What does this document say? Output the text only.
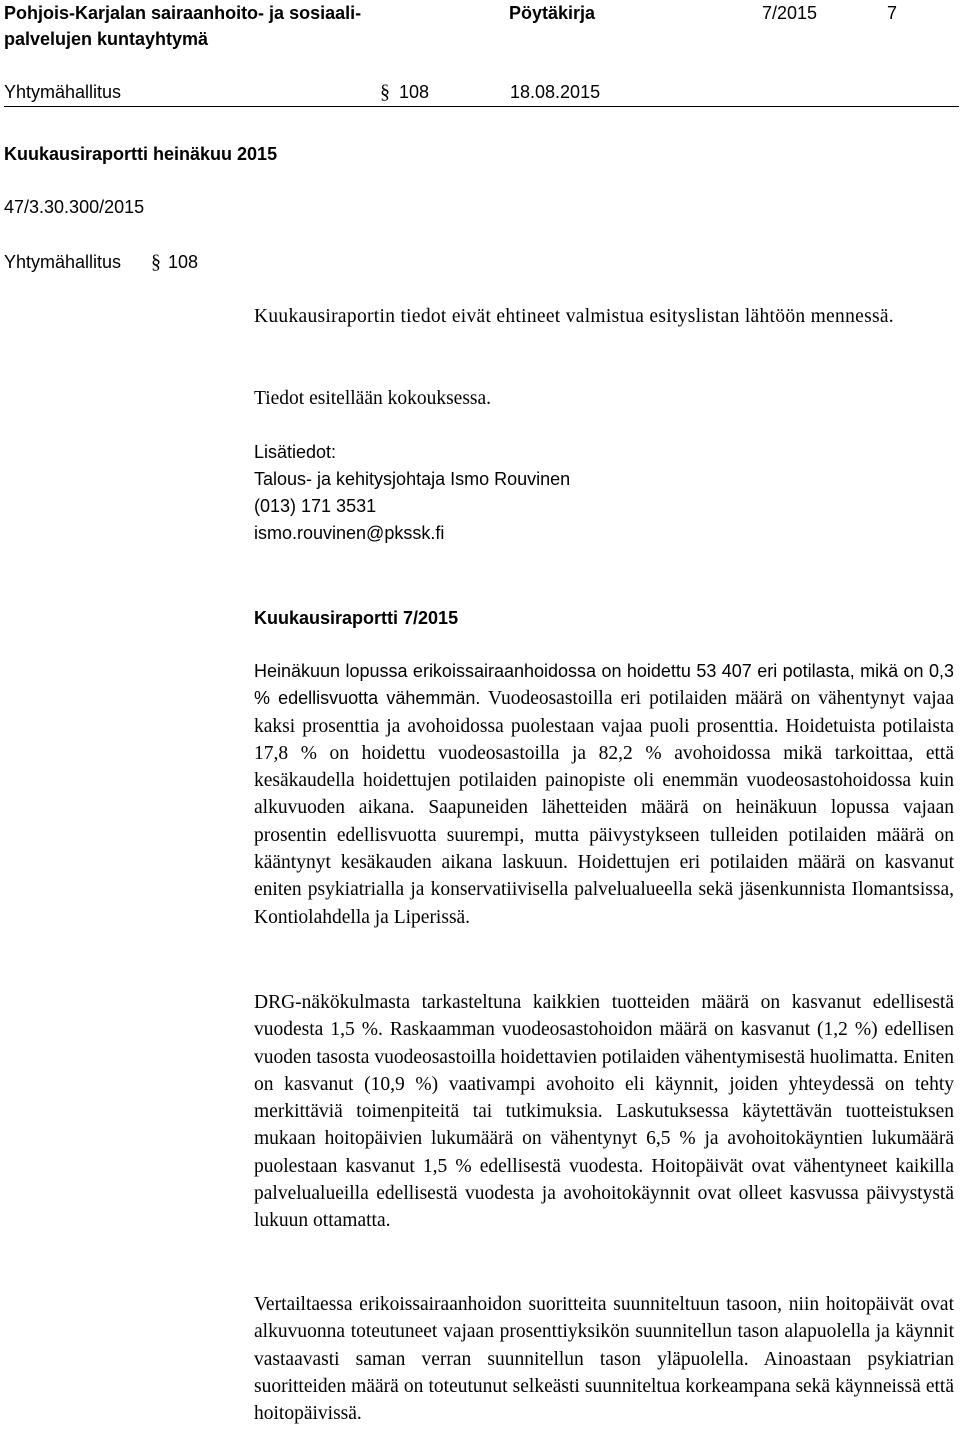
Pohjois-Karjalan sairaanhoito- ja sosiaali-
palvelujen kuntayhtymä
Pöytäkirja	7/2015	7
Yhtymähallitus	§ 108	18.08.2015
Kuukausiraportti heinäkuu 2015
47/3.30.300/2015
Yhtymähallitus § 108
Kuukausiraportin tiedot eivät ehtineet valmistua esityslistan lähtöön mennessä.
Tiedot esitellään kokouksessa.
Lisätiedot:
Talous- ja kehitysjohtaja Ismo Rouvinen
(013) 171 3531
ismo.rouvinen@pkssk.fi
Kuukausiraportti 7/2015
Heinäkuun lopussa erikoissairaanhoidossa on hoidettu 53 407 eri potilasta, mikä on 0,3 % edellisvuotta vähemmän. Vuodeosastoilla eri potilaiden määrä on vähentynyt vajaa kaksi prosenttia ja avohoidossa puolestaan vajaa puoli prosenttia. Hoidetuista potilaista 17,8 % on hoidettu vuodeosastoilla ja 82,2 % avohoidossa mikä tarkoittaa, että kesäkaudella hoidettujen potilaiden painopiste oli enemmän vuodeosastohoidossa kuin alkuvuoden aikana. Saapuneiden lähetteiden määrä on heinäkuun lopussa vajaan prosentin edellisvuotta suurempi, mutta päivystykseen tulleiden potilaiden määrä on kääntynyt kesäkauden aikana laskuun. Hoidettujen eri potilaiden määrä on kasvanut eniten psykiatrialla ja konservatiivisella palvelualueella sekä jäsenkunnista Ilomantsissa, Kontiolahdella ja Liperissä.
DRG-näkökulmasta tarkasteltuna kaikkien tuotteiden määrä on kasvanut edellisestä vuodesta 1,5 %. Raskaamman vuodeosastohoidon määrä on kasvanut (1,2 %) edellisen vuoden tasosta vuodeosastoilla hoidettavien potilaiden vähentymisestä huolimatta. Eniten on kasvanut (10,9 %) vaativampi avohoito eli käynnit, joiden yhteydessä on tehty merkittäviä toimenpiteitä tai tutkimuksia. Laskutuksessa käytettävän tuotteistuksen mukaan hoitopäivien lukumäärä on vähentynyt 6,5 % ja avohoitokäyntien lukumäärä puolestaan kasvanut 1,5 % edellisestä vuodesta. Hoitopäivät ovat vähentyneet kaikilla palvelualueilla edellisestä vuodesta ja avohoitokäynnit ovat olleet kasvussa päivystystä lukuun ottamatta.
Vertailtaessa erikoissairaanhoidon suoritteita suunniteltuun tasoon, niin hoitopäivät ovat alkuvuonna toteutuneet vajaan prosenttiyksikön suunnitellun tason alapuolella ja käynnit vastaavasti saman verran suunnitellun tason yläpuolella. Ainoastaan psykiatrian suoritteiden määrä on toteutunut selkeästi suunniteltua korkeampana sekä käynneissä että hoitopäivissä.
